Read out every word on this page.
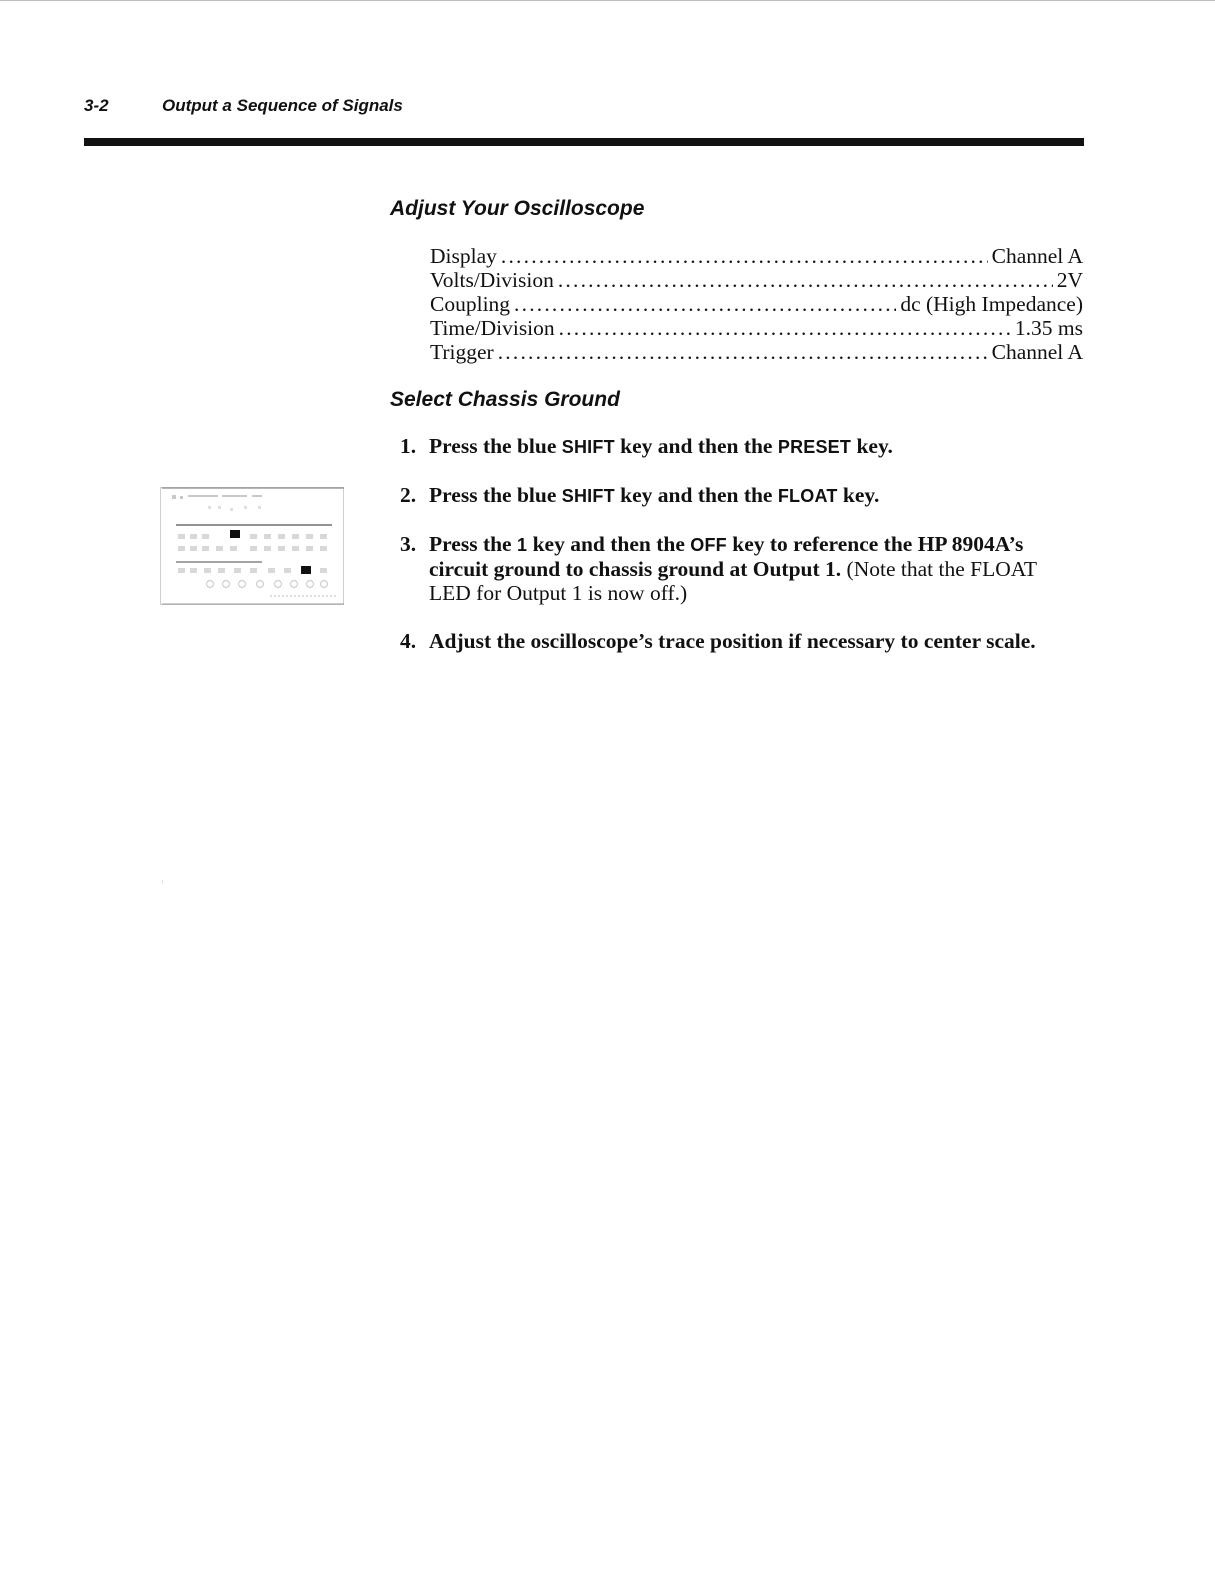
3-2	Output a Sequence of Signals
Adjust Your Oscilloscope
Display .....	Channel A
Volts/Division .....	2V
Coupling .....	dc (High Impedance)
Time/Division .....	1.35 ms
Trigger .....	Channel A
Select Chassis Ground
1. Press the blue SHIFT key and then the PRESET key.
2. Press the blue SHIFT key and then the FLOAT key.
3. Press the 1 key and then the OFF key to reference the HP 8904A’s circuit ground to chassis ground at Output 1. (Note that the FLOAT LED for Output 1 is now off.)
4. Adjust the oscilloscope’s trace position if necessary to center scale.
